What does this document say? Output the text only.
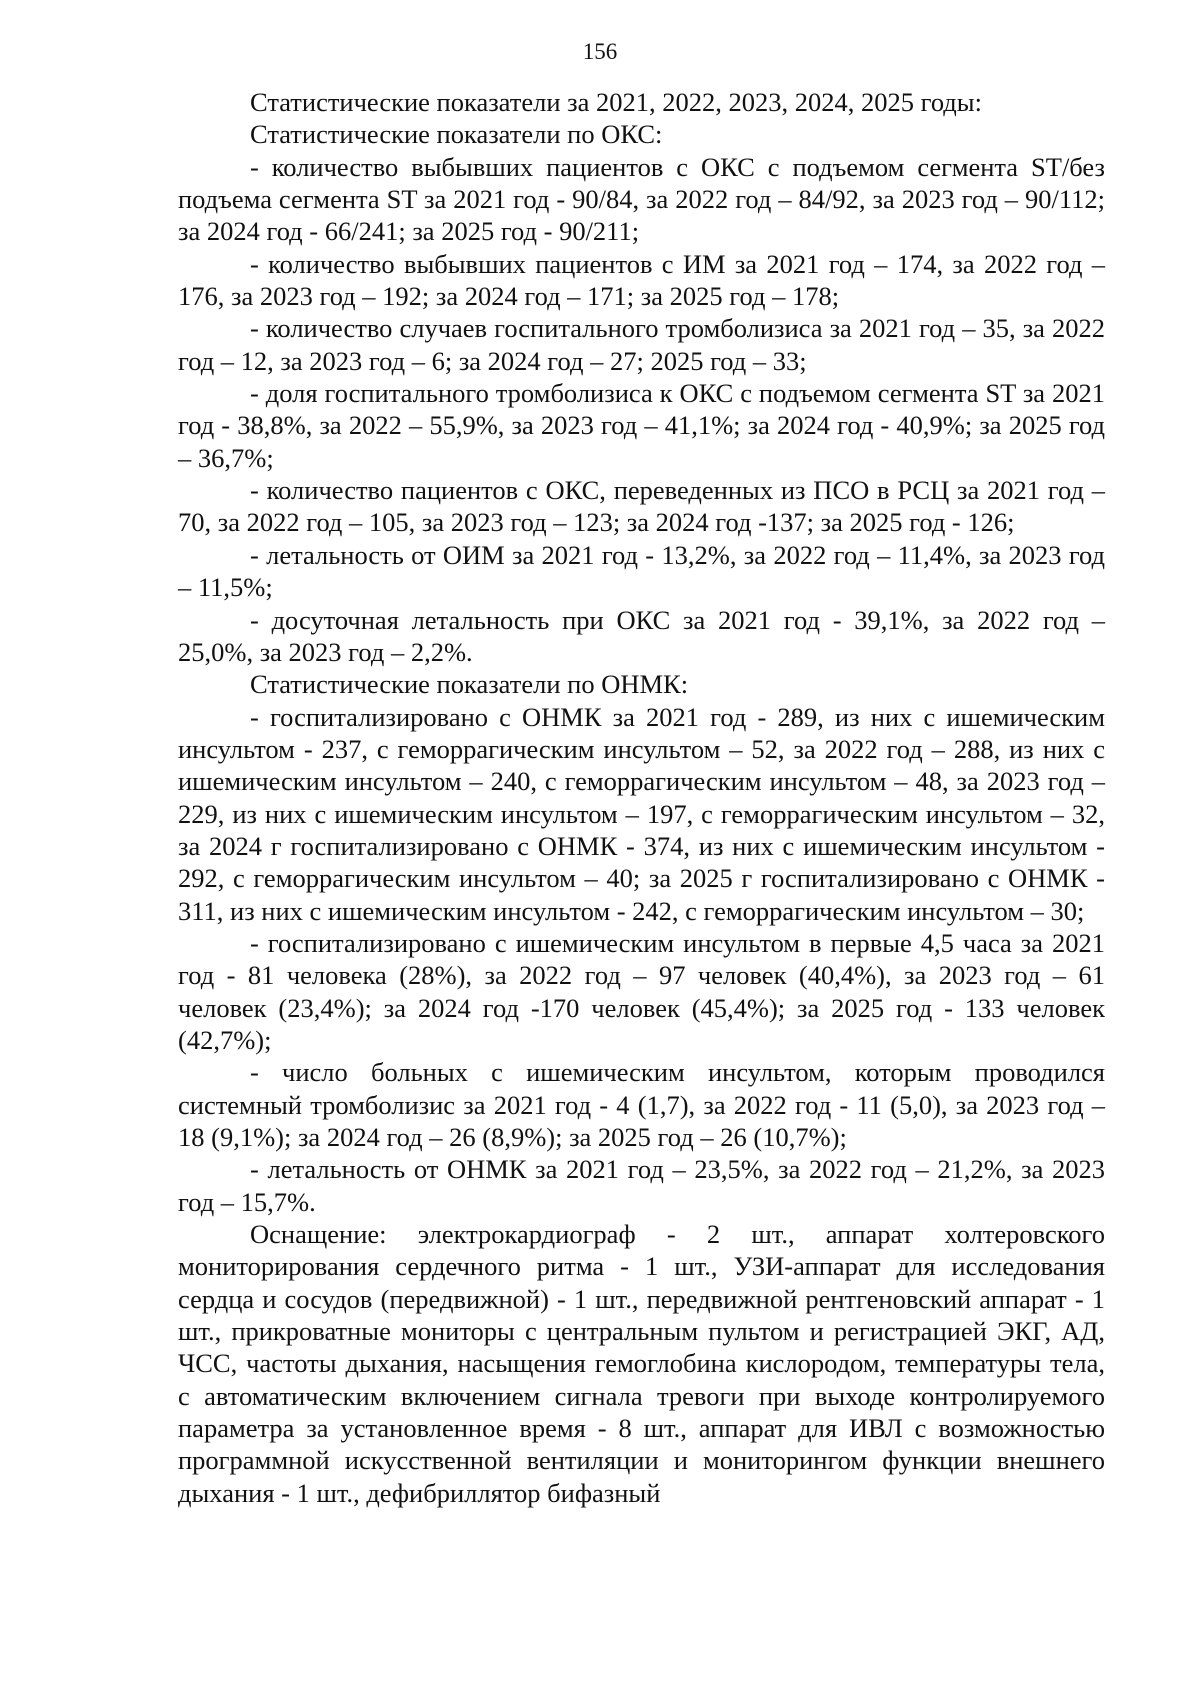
156

Статистические показатели за 2021, 2022, 2023, 2024, 2025 годы:

Статистические показатели по ОКС:

- количество выбывших пациентов с ОКС с подъемом сегмента ST/без подъема сегмента ST за 2021 год - 90/84, за 2022 год – 84/92, за 2023 год – 90/112; за 2024 год - 66/241; за 2025 год - 90/211;

- количество выбывших пациентов с ИМ за 2021 год – 174, за 2022 год – 176, за 2023 год – 192; за 2024 год – 171; за 2025 год – 178;

- количество случаев госпитального тромболизиса за 2021 год – 35, за 2022 год – 12, за 2023 год – 6; за 2024 год – 27; 2025 год – 33;

- доля госпитального тромболизиса к ОКС с подъемом сегмента ST за 2021 год - 38,8%, за 2022 – 55,9%, за 2023 год – 41,1%; за 2024 год - 40,9%; за 2025 год – 36,7%;

- количество пациентов с ОКС, переведенных из ПСО в РСЦ за 2021 год – 70, за 2022 год – 105, за 2023 год – 123; за 2024 год -137; за 2025 год - 126;

- летальность от ОИМ за 2021 год - 13,2%, за 2022 год – 11,4%, за 2023 год – 11,5%;

- досуточная летальность при ОКС за 2021 год - 39,1%, за 2022 год – 25,0%, за 2023 год – 2,2%.

Статистические показатели по ОНМК:

- госпитализировано с ОНМК за 2021 год - 289, из них с ишемическим инсультом - 237, с геморрагическим инсультом – 52, за 2022 год – 288, из них с ишемическим инсультом – 240, с геморрагическим инсультом – 48, за 2023 год – 229, из них с ишемическим инсультом – 197, с геморрагическим инсультом – 32, за 2024 г госпитализировано с ОНМК - 374, из них с ишемическим инсультом - 292, с геморрагическим инсультом – 40; за 2025 г госпитализировано с ОНМК - 311, из них с ишемическим инсультом - 242, с геморрагическим инсультом – 30;

- госпитализировано с ишемическим инсультом в первые 4,5 часа за 2021 год - 81 человека (28%), за 2022 год – 97 человек (40,4%), за 2023 год – 61 человек (23,4%); за 2024 год -170 человек (45,4%); за 2025 год - 133 человек (42,7%);

- число больных с ишемическим инсультом, которым проводился системный тромболизис за 2021 год - 4 (1,7), за 2022 год - 11 (5,0), за 2023 год – 18 (9,1%); за 2024 год – 26 (8,9%); за 2025 год – 26 (10,7%);

- летальность от ОНМК за 2021 год – 23,5%, за 2022 год – 21,2%, за 2023 год – 15,7%.

Оснащение: электрокардиограф - 2 шт., аппарат холтеровского мониторирования сердечного ритма - 1 шт., УЗИ-аппарат для исследования сердца и сосудов (передвижной) - 1 шт., передвижной рентгеновский аппарат - 1 шт., прикроватные мониторы с центральным пультом и регистрацией ЭКГ, АД, ЧСС, частоты дыхания, насыщения гемоглобина кислородом, температуры тела, с автоматическим включением сигнала тревоги при выходе контролируемого параметра за установленное время - 8 шт., аппарат для ИВЛ с возможностью программной искусственной вентиляции и мониторингом функции внешнего дыхания - 1 шт., дефибриллятор бифазный
